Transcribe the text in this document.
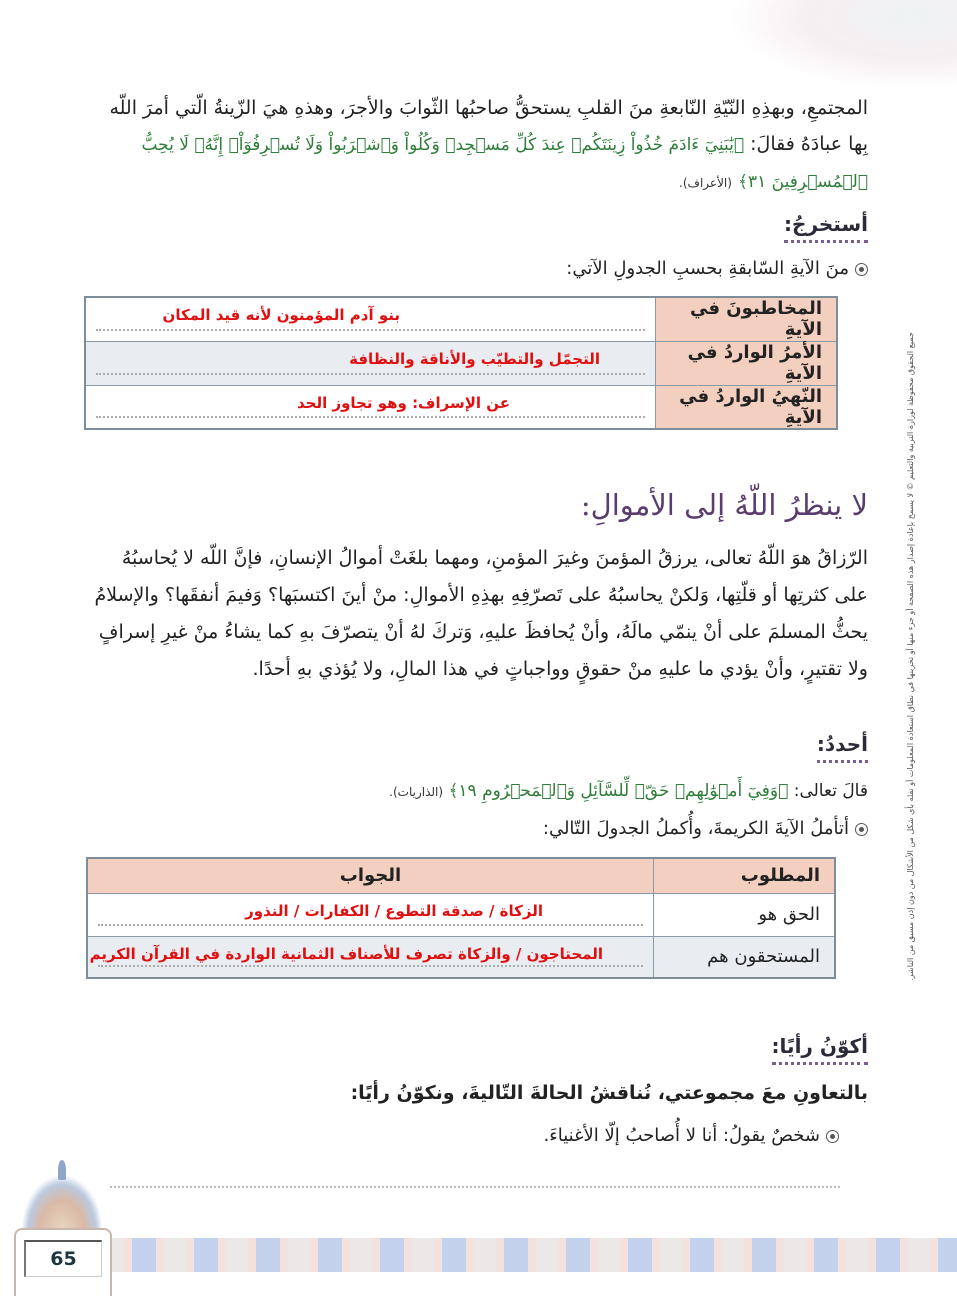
المجتمعِ، وبهذِهِ النّيّةِ النّابعةِ منَ القلبِ يستحقُّ صاحبُها الثّوابَ والأجرَ، وهذهِ هيَ الزّينةُ الّتي أمرَ اللّه بِها عبادَهُ فقالَ: ﴿يَٰبَنِيٓ ءَادَمَ خُذُواْ زِينَتَكُمۡ عِندَ كُلِّ مَسۡجِدٖ وَكُلُواْ وَٱشۡرَبُواْ وَلَا تُسۡرِفُوٓاْۚ إِنَّهُۥ لَا يُحِبُّ ٱلۡمُسۡرِفِينَ ٣١﴾ (الأعراف).
أستخرجُ:
منَ الآيةِ السّابقةِ بحسبِ الجدولِ الآتي:
المخاطبونَ في الآيةِ	بنو آدم المؤمنون لأنه قيد المكان

الأمرُ الواردُ في الآيةِ	التجمّل والتطيّب والأناقة والنظافة

النّهيُ الواردُ في الآيةِ	عن الإسراف: وهو تجاوز الحد
لا ينظرُ اللّهُ إلى الأموالِ:
الرّزاقُ هوَ اللّهُ تعالى، يرزقُ المؤمنَ وغيرَ المؤمنِ، ومهما بلغَتْ أموالُ الإنسانِ، فإنَّ اللّه لا يُحاسبُهُ على كثرتِها أو قلّتِها، وَلكنْ يحاسبُهُ على تَصرّفِهِ بهذِهِ الأموالِ: منْ أينَ اكتسبَها؟ وَفيمَ أنفقَها؟ والإسلامُ يحثُّ المسلمَ على أنْ ينمّي مالَهُ، وأنْ يُحافظَ عليهِ، وَتركَ لهُ أنْ يتصرّفَ بهِ كما يشاءُ منْ غيرِ إسرافٍ ولا تقتيرٍ، وأنْ يؤدي ما عليهِ منْ حقوقٍ وواجباتٍ في هذا المالِ، ولا يُؤذي بهِ أحدًا.
أحددُ:
قالَ تعالى: ﴿وَفِيٓ أَمۡوَٰلِهِمۡ حَقّٞ لِّلسَّآئِلِ وَٱلۡمَحۡرُومِ ١٩﴾ (الذاريات).
أتأملُ الآيةَ الكريمةَ، وأُكملُ الجدولَ التّالي:
المطلوب	الجواب
الحق هو	الزكاة / صدقة التطوع / الكفارات / النذور

المستحقون هم	المحتاجون / والزكاة تصرف للأصناف الثمانية الواردة في القرآن الكريم
أكوّنُ رأيًا:
بالتعاونِ معَ مجموعتي، نُناقشُ الحالةَ التّاليةَ، ونكوّنُ رأيًا:
شخصٌ يقولُ: أنا لا أُصاحبُ إلّا الأغنياءَ.
جميع الحقوق محفوظة لوزارة التربية والتعليم © لا يسمح بإعادة إصدار هذه الصفحة أو جزء منها أو تخزينها في نطاق استعادة المعلومات أو نقله بأي شكل من الأشكال من دون إذن مسبق من الناشر.
65
